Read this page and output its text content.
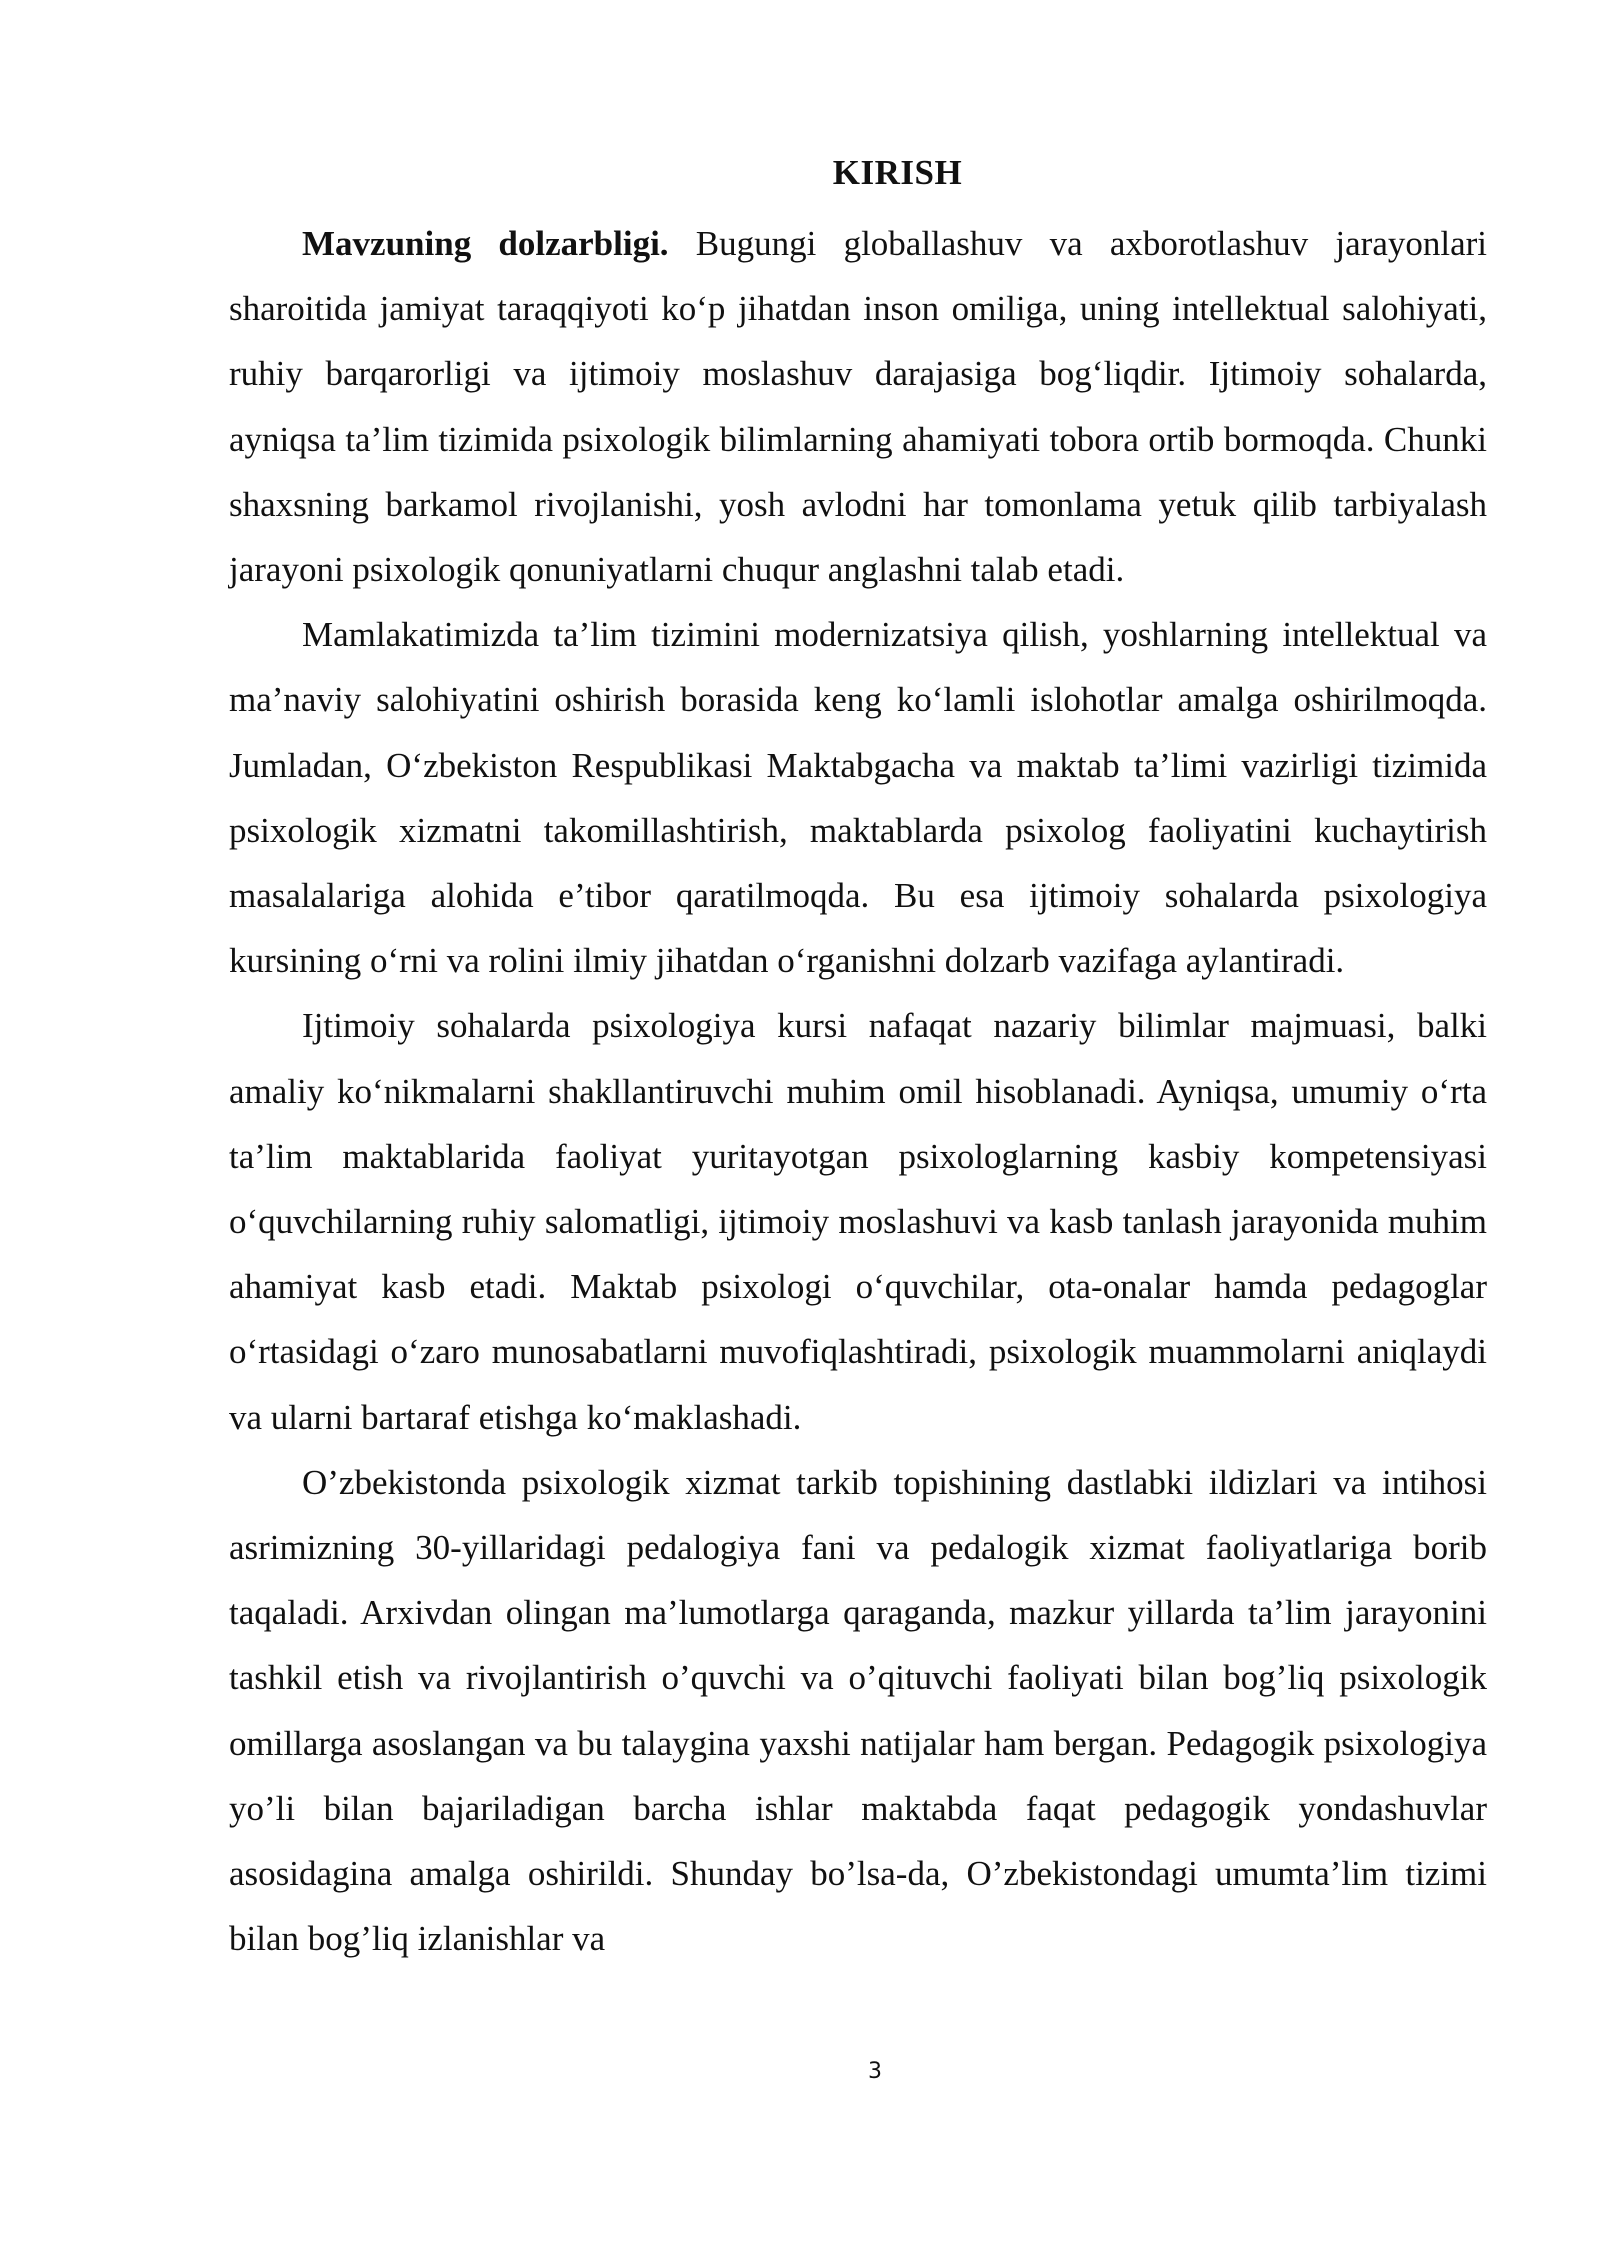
KIRISH

Mavzuning dolzarbligi. Bugungi globallashuv va axborotlashuv jarayonlari sharoitida jamiyat taraqqiyoti ko‘p jihatdan inson omiliga, uning intellektual salohiyati, ruhiy barqarorligi va ijtimoiy moslashuv darajasiga bog‘liqdir. Ijtimoiy sohalarda, ayniqsa ta’lim tizimida psixologik bilimlarning ahamiyati tobora ortib bormoqda. Chunki shaxsning barkamol rivojlanishi, yosh avlodni har tomonlama yetuk qilib tarbiyalash jarayoni psixologik qonuniyatlarni chuqur anglashni talab etadi.

Mamlakatimizda ta’lim tizimini modernizatsiya qilish, yoshlarning intellektual va ma’naviy salohiyatini oshirish borasida keng ko‘lamli islohotlar amalga oshirilmoqda. Jumladan, O‘zbekiston Respublikasi Maktabgacha va maktab ta’limi vazirligi tizimida psixologik xizmatni takomillashtirish, maktablarda psixolog faoliyatini kuchaytirish masalalariga alohida e’tibor qaratilmoqda. Bu esa ijtimoiy sohalarda psixologiya kursining o‘rni va rolini ilmiy jihatdan o‘rganishni dolzarb vazifaga aylantiradi.

Ijtimoiy sohalarda psixologiya kursi nafaqat nazariy bilimlar majmuasi, balki amaliy ko‘nikmalarni shakllantiruvchi muhim omil hisoblanadi. Ayniqsa, umumiy o‘rta ta’lim maktablarida faoliyat yuritayotgan psixologlarning kasbiy kompetensiyasi o‘quvchilarning ruhiy salomatligi, ijtimoiy moslashuvi va kasb tanlash jarayonida muhim ahamiyat kasb etadi. Maktab psixologi o‘quvchilar, ota-onalar hamda pedagoglar o‘rtasidagi o‘zaro munosabatlarni muvofiqlashtiradi, psixologik muammolarni aniqlaydi va ularni bartaraf etishga ko‘maklashadi.

O’zbekistonda psixologik xizmat tarkib topishining dastlabki ildizlari va intihosi asrimizning 30-yillaridagi pedalogiya fani va pedalogik xizmat faoliyatlariga borib taqaladi. Arxivdan olingan ma’lumotlarga qaraganda, mazkur yillarda ta’lim jarayonini tashkil etish va rivojlantirish o’quvchi va o’qituvchi faoliyati bilan bog’liq psixologik omillarga asoslangan va bu talaygina yaxshi natijalar ham bergan. Pedagogik psixologiya yo’li bilan bajariladigan barcha ishlar maktabda faqat pedagogik yondashuvlar asosidagina amalga oshirildi. Shunday bo’lsa-da, O’zbekistondagi umumta’lim tizimi bilan bog’liq izlanishlar va

3
